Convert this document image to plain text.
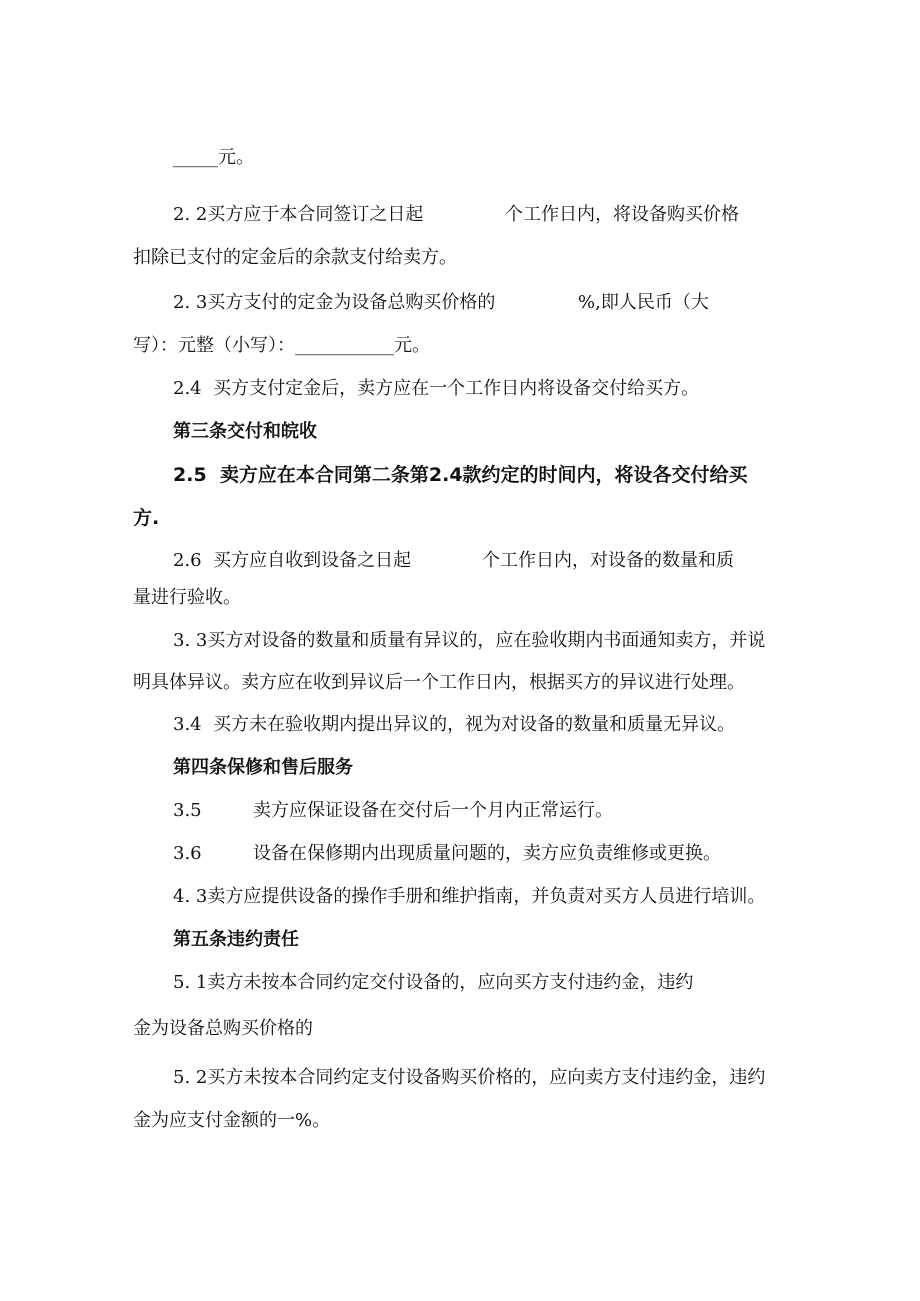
_____元。
2. 2买方应于本合同签订之日起	个工作日内，将设备购买价格
扣除已支付的定金后的余款支付给卖方。
2. 3买方支付的定金为设备总购买价格的	%,即人民币（大
写）：元整（小写）：___________元。
2.4  买方支付定金后，卖方应在一个工作日内将设备交付给买方。
第三条交付和皖收
2.5  卖方应在本合同第二条第2.4款约定的时间内，将设各交付给买
方.
2.6  买方应自收到设备之日起	个工作日内，对设备的数量和质
量进行验收。
3. 3买方对设备的数量和质量有异议的，应在验收期内书面通知卖方，并说
明具体异议。卖方应在收到异议后一个工作日内，根据买方的异议进行处理。
3.4  买方未在验收期内提出异议的，视为对设备的数量和质量无异议。
第四条保修和售后服务
3.5	卖方应保证设备在交付后一个月内正常运行。
3.6	设备在保修期内出现质量问题的，卖方应负责维修或更换。
4. 3卖方应提供设备的操作手册和维护指南，并负责对买方人员进行培训。
第五条违约责任
5. 1卖方未按本合同约定交付设备的，应向买方支付违约金，违约
金为设备总购买价格的
5. 2买方未按本合同约定支付设备购买价格的，应向卖方支付违约金，违约
金为应支付金额的一%。
